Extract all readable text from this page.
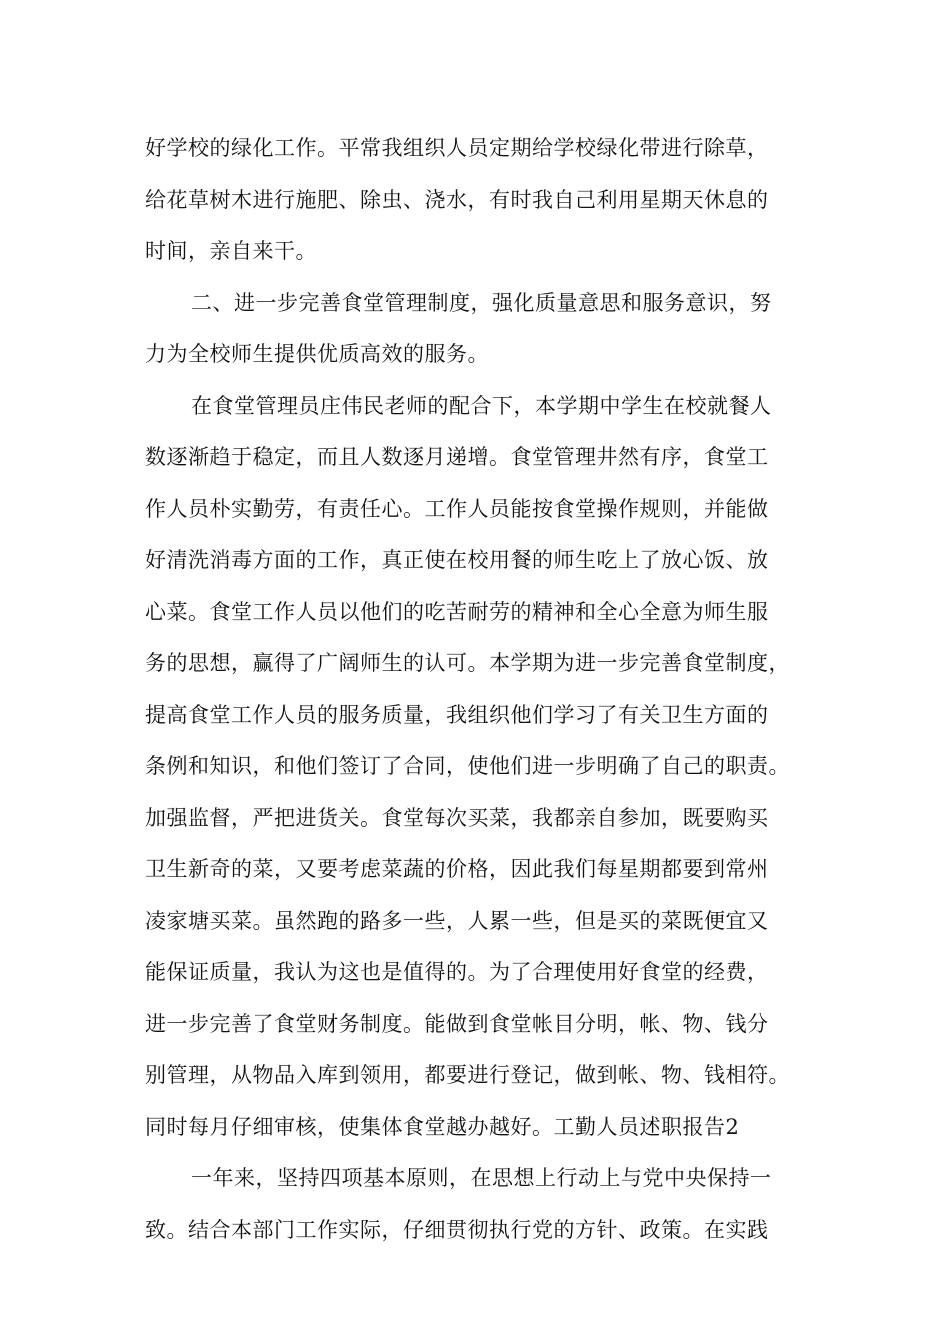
好学校的绿化工作。平常我组织人员定期给学校绿化带进行除草，

给花草树木进行施肥、除虫、浇水，有时我自己利用星期天休息的

时间，亲自来干。

二、进一步完善食堂管理制度，强化质量意思和服务意识，努

力为全校师生提供优质高效的服务。

在食堂管理员庄伟民老师的配合下，本学期中学生在校就餐人

数逐渐趋于稳定，而且人数逐月递增。食堂管理井然有序，食堂工

作人员朴实勤劳，有责任心。工作人员能按食堂操作规则，并能做

好清洗消毒方面的工作，真正使在校用餐的师生吃上了放心饭、放

心菜。食堂工作人员以他们的吃苦耐劳的精神和全心全意为师生服

务的思想，赢得了广阔师生的认可。本学期为进一步完善食堂制度，

提高食堂工作人员的服务质量，我组织他们学习了有关卫生方面的

条例和知识，和他们签订了合同，使他们进一步明确了自己的职责。

加强监督，严把进货关。食堂每次买菜，我都亲自参加，既要购买

卫生新奇的菜，又要考虑菜蔬的价格，因此我们每星期都要到常州

凌家塘买菜。虽然跑的路多一些，人累一些，但是买的菜既便宜又

能保证质量，我认为这也是值得的。为了合理使用好食堂的经费，

进一步完善了食堂财务制度。能做到食堂帐目分明，帐、物、钱分

别管理，从物品入库到领用，都要进行登记，做到帐、物、钱相符。

同时每月仔细审核，使集体食堂越办越好。工勤人员述职报告2

一年来，坚持四项基本原则，在思想上行动上与党中央保持一

致。结合本部门工作实际，仔细贯彻执行党的方针、政策。在实践
